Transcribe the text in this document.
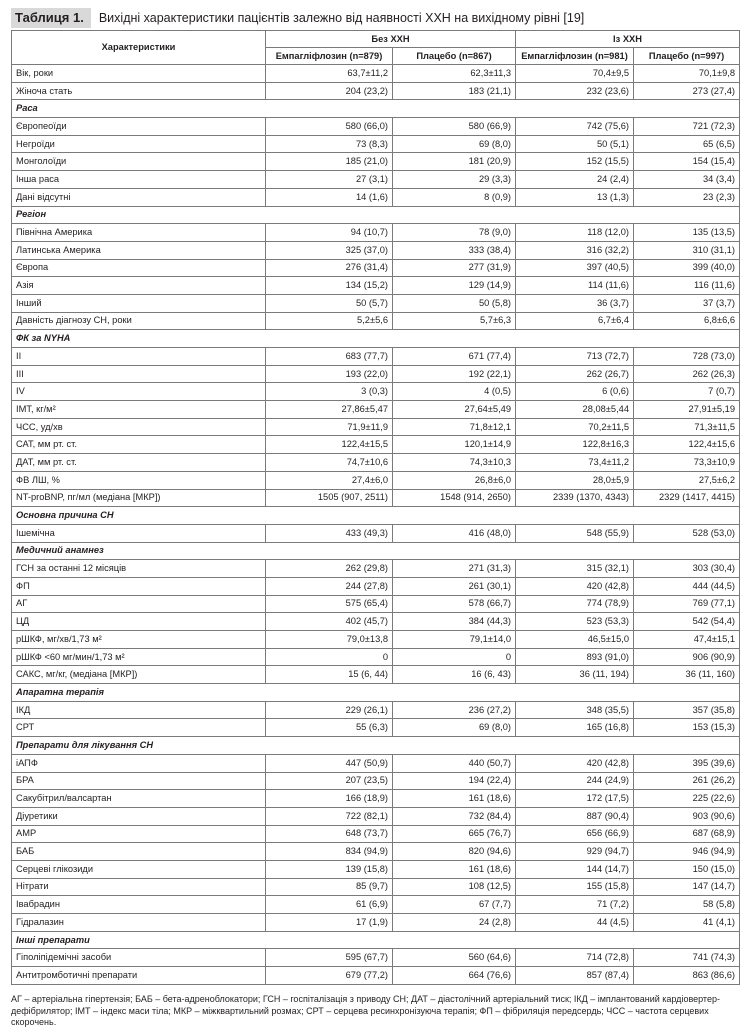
Таблиця 1.	Вихідні характеристики пацієнтів залежно від наявності ХХН на вихідному рівні [19]
Характеристики	Без ХХН		Із ХХН	
	Емпагліфлозин (n=879)	Плацебо (n=867)	Емпагліфлозин (n=981)	Плацебо (n=997)
Вік, роки	63,7±11,2	62,3±11,3	70,4±9,5	70,1±9,8
Жіноча стать	204 (23,2)	183 (21,1)	232 (23,6)	273 (27,4)
Раса				
Європеоїди	580 (66,0)	580 (66,9)	742 (75,6)	721 (72,3)
Негроїди	73 (8,3)	69 (8,0)	50 (5,1)	65 (6,5)
Монголоїди	185 (21,0)	181 (20,9)	152 (15,5)	154 (15,4)
Інша раса	27 (3,1)	29 (3,3)	24 (2,4)	34 (3,4)
Дані відсутні	14 (1,6)	8 (0,9)	13 (1,3)	23 (2,3)
Регіон				
Північна Америка	94 (10,7)	78 (9,0)	118 (12,0)	135 (13,5)
Латинська Америка	325 (37,0)	333 (38,4)	316 (32,2)	310 (31,1)
Європа	276 (31,4)	277 (31,9)	397 (40,5)	399 (40,0)
Азія	134 (15,2)	129 (14,9)	114 (11,6)	116 (11,6)
Інший	50 (5,7)	50 (5,8)	36 (3,7)	37 (3,7)
Давність діагнозу СН, роки	5,2±5,6	5,7±6,3	6,7±6,4	6,8±6,6
ФК за NYHA				
II	683 (77,7)	671 (77,4)	713 (72,7)	728 (73,0)
III	193 (22,0)	192 (22,1)	262 (26,7)	262 (26,3)
IV	3 (0,3)	4 (0,5)	6 (0,6)	7 (0,7)
ІМТ, кг/м²	27,86±5,47	27,64±5,49	28,08±5,44	27,91±5,19
ЧСС, уд/хв	71,9±11,9	71,8±12,1	70,2±11,5	71,3±11,5
САТ, мм рт. ст.	122,4±15,5	120,1±14,9	122,8±16,3	122,4±15,6
ДАТ, мм рт. ст.	74,7±10,6	74,3±10,3	73,4±11,2	73,3±10,9
ФВ ЛШ, %	27,4±6,0	26,8±6,0	28,0±5,9	27,5±6,2
NT-proBNP, пг/мл (медіана [МКР])	1505 (907, 2511)	1548 (914, 2650)	2339 (1370, 4343)	2329 (1417, 4415)
Основна причина СН				
Ішемічна	433 (49,3)	416 (48,0)	548 (55,9)	528 (53,0)
Медичний анамнез				
ГСН за останні 12 місяців	262 (29,8)	271 (31,3)	315 (32,1)	303 (30,4)
ФП	244 (27,8)	261 (30,1)	420 (42,8)	444 (44,5)
АГ	575 (65,4)	578 (66,7)	774 (78,9)	769 (77,1)
ЦД	402 (45,7)	384 (44,3)	523 (53,3)	542 (54,4)
рШКФ, мг/хв/1,73 м²	79,0±13,8	79,1±14,0	46,5±15,0	47,4±15,1
рШКФ <60 мг/мин/1,73 м²	0	0	893 (91,0)	906 (90,9)
САКС, мг/кг, (медіана [МКР])	15 (6, 44)	16 (6, 43)	36 (11, 194)	36 (11, 160)
Апаратна терапія				
ІКД	229 (26,1)	236 (27,2)	348 (35,5)	357 (35,8)
СРТ	55 (6,3)	69 (8,0)	165 (16,8)	153 (15,3)
Препарати для лікування СН				
іАПФ	447 (50,9)	440 (50,7)	420 (42,8)	395 (39,6)
БРА	207 (23,5)	194 (22,4)	244 (24,9)	261 (26,2)
Сакубітрил/валсартан	166 (18,9)	161 (18,6)	172 (17,5)	225 (22,6)
Діуретики	722 (82,1)	732 (84,4)	887 (90,4)	903 (90,6)
АМР	648 (73,7)	665 (76,7)	656 (66,9)	687 (68,9)
БАБ	834 (94,9)	820 (94,6)	929 (94,7)	946 (94,9)
Серцеві глікозиди	139 (15,8)	161 (18,6)	144 (14,7)	150 (15,0)
Нітрати	85 (9,7)	108 (12,5)	155 (15,8)	147 (14,7)
Івабрадин	61 (6,9)	67 (7,7)	71 (7,2)	58 (5,8)
Гідралазин	17 (1,9)	24 (2,8)	44 (4,5)	41 (4,1)
Інші препарати				
Гіполіпідемічні засоби	595 (67,7)	560 (64,6)	714 (72,8)	741 (74,3)
Антитромботичні препарати	679 (77,2)	664 (76,6)	857 (87,4)	863 (86,6)
АГ – артеріальна гіпертензія; БАБ – бета-адреноблокатори; ГСН – госпіталізація з приводу СН; ДАТ – діастолічний артеріальний тиск; ІКД – імплантований кардіовертер-дефібрилятор; ІМТ – індекс маси тіла; МКР – міжквартильний розмах; СРТ – серцева ресинхронізуюча терапія; ФП – фібриляція передсердь; ЧСС – частота серцевих скорочень.
